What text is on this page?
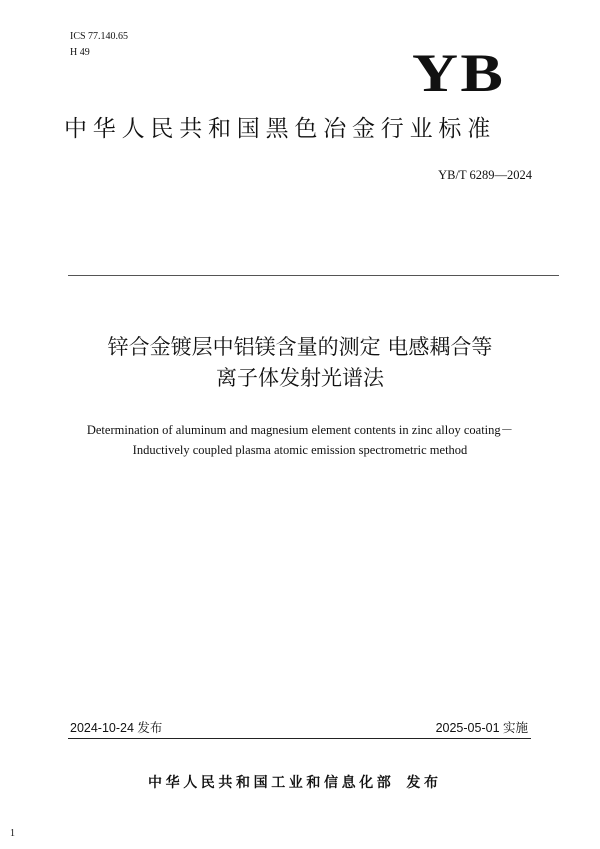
ICS 77.140.65
H 49	YB
中华人民共和国黑色冶金行业标准
YB/T 6289—2024
锌合金镀层中铝镁含量的测定 电感耦合等
离子体发射光谱法
Determination of aluminum and magnesium element contents in zinc alloy coating－
Inductively coupled plasma atomic emission spectrometric method
2024-10-24 发布	2025-05-01 实施
中华人民共和国工业和信息化部 发布
1
